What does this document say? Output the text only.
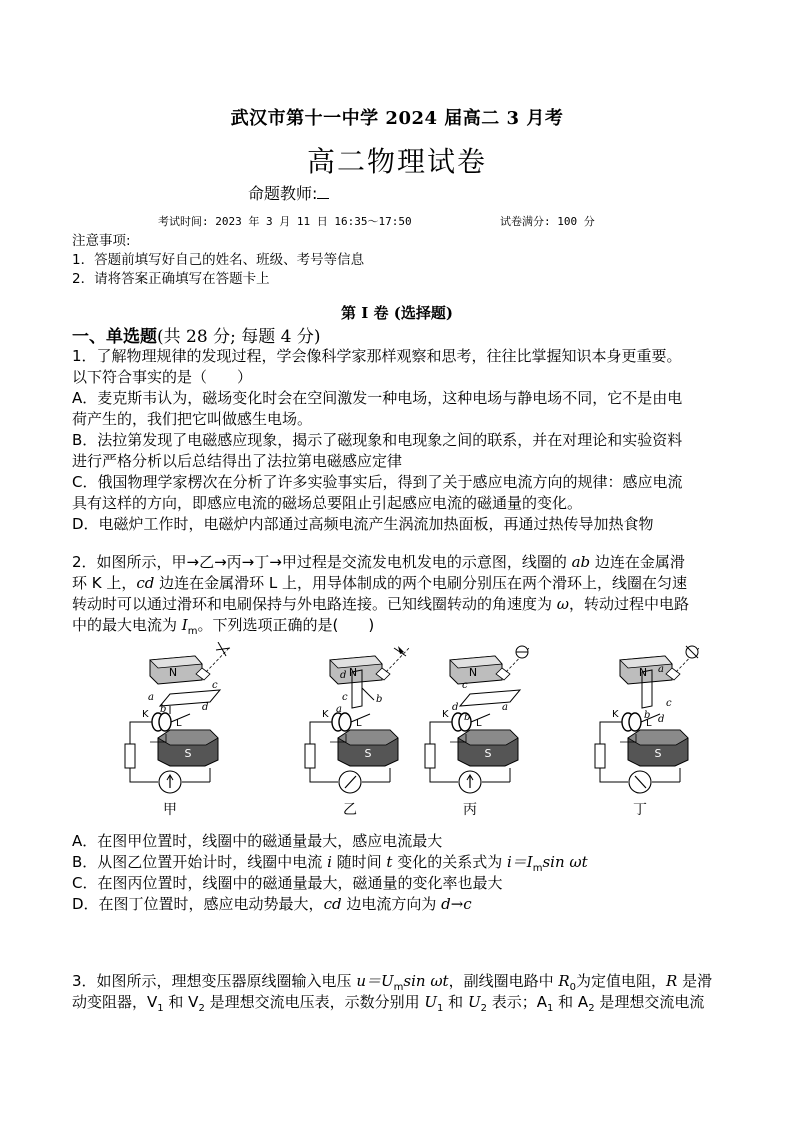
武汉市第十一中学 2024 届高二 3 月考
高二物理试卷
命题教师:
考试时间: 2023 年 3 月 11 日 16:35～17:50	试卷满分: 100 分
注意事项:
1．答题前填写好自己的姓名、班级、考号等信息
2．请将答案正确填写在答题卡上
第 I 卷 (选择题)
一、单选题(共 28 分; 每题 4 分)

1．了解物理规律的发现过程，学会像科学家那样观察和思考，往往比掌握知识本身更重要。

以下符合事实的是（　　）

A．麦克斯韦认为，磁场变化时会在空间激发一种电场，这种电场与静电场不同，它不是由电

荷产生的，我们把它叫做感生电场。

B．法拉第发现了电磁感应现象，揭示了磁现象和电现象之间的联系，并在对理论和实验资料

进行严格分析以后总结得出了法拉第电磁感应定律

C．俄国物理学家楞次在分析了许多实验事实后，得到了关于感应电流方向的规律：感应电流

具有这样的方向，即感应电流的磁场总要阻止引起感应电流的磁通量的变化。

D．电磁炉工作时，电磁炉内部通过高频电流产生涡流加热面板，再通过热传导加热食物

2．如图所示，甲→乙→丙→丁→甲过程是交流发电机发电的示意图，线圈的 ab 边连在金属滑

环 K 上，cd 边连在金属滑环 L 上，用导体制成的两个电刷分别压在两个滑环上，线圈在匀速

转动时可以通过滑环和电刷保持与外电路连接。已知线圈转动的角速度为 ω，转动过程中电路

中的最大电流为 $I_m$。下列选项正确的是(　　)

N	N	N	N
S	S	S	S
K
L
K
L
K
L
K
L
c
d
a
b
d
c
a
b
c
a
d
b	b d
c
a
甲	乙	丙	丁

A．在图甲位置时，线圈中的磁通量最大，感应电流最大

B．从图乙位置开始计时，线圈中电流 i 随时间 t 变化的关系式为 $i=I_m\sin$ ωt

C．在图丙位置时，线圈中的磁通量最大，磁通量的变化率也最大

D．在图丁位置时，感应电动势最大，cd 边电流方向为 d→c

3．如图所示，理想变压器原线圈输入电压 $u=U_m\sin$ ωt，副线圈电路中 $R_0$为定值电阻，R 是滑

动变阻器，$V_1$ 和 $V_2$ 是理想交流电压表，示数分别用 $U_1$ 和 $U_2$ 表示；$A_1$ 和 $A_2$ 是理想交流电流
